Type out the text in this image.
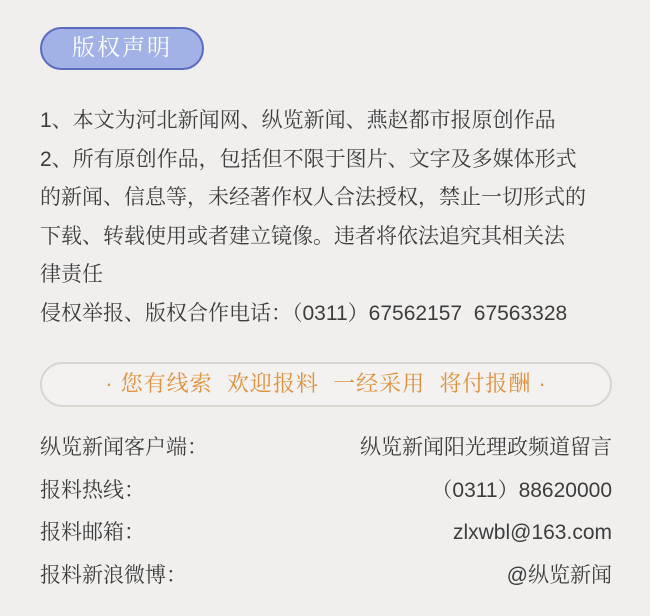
版权声明
1、本文为河北新闻网、纵览新闻、燕赵都市报原创作品
2、所有原创作品，包括但不限于图片、文字及多媒体形式
的新闻、信息等，未经著作权人合法授权，禁止一切形式的
下载、转载使用或者建立镜像。违者将依法追究其相关法
律责任
侵权举报、版权合作电话：（0311）67562157  67563328
· 您有线索  欢迎报料  一经采用  将付报酬 ·
纵览新闻客户端：	纵览新闻阳光理政频道留言
报料热线：	（0311）88620000
报料邮箱：	zlxwbl@163.com
报料新浪微博：	@纵览新闻
